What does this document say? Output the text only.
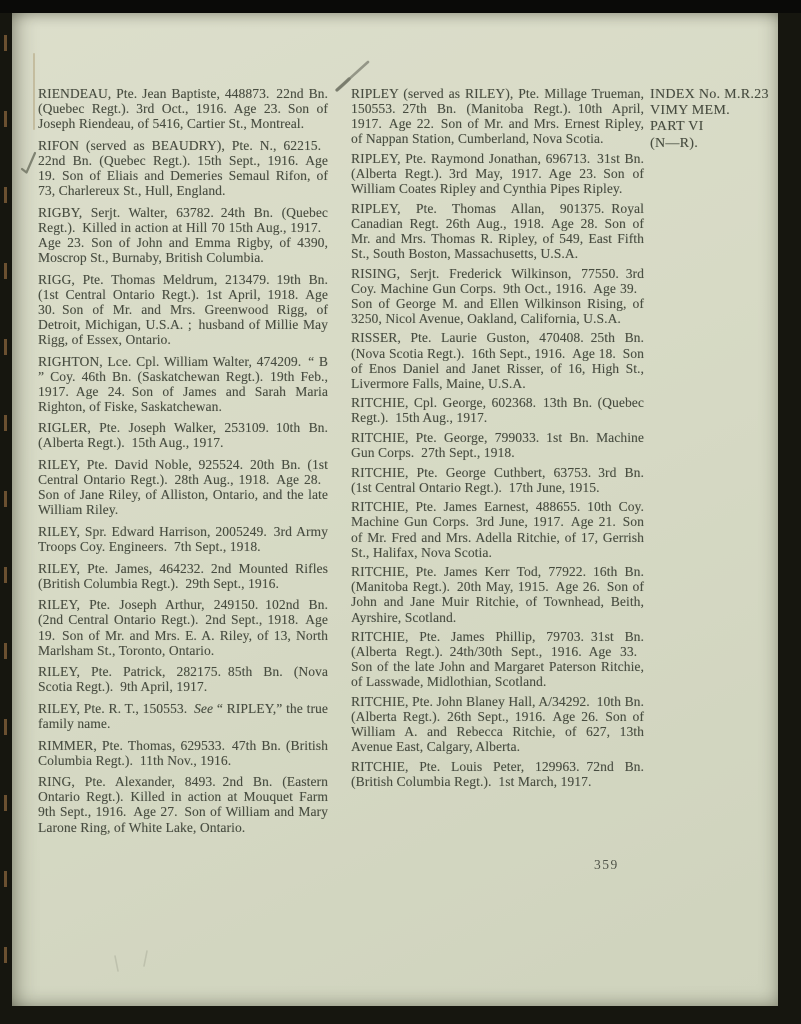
RIENDEAU, Pte. Jean Baptiste, 448873. 22nd Bn. (Quebec Regt.). 3rd Oct., 1916. Age 23. Son of Joseph Riendeau, of 5416, Cartier St., Montreal.

RIFON (served as BEAUDRY), Pte. N., 62215. 22nd Bn. (Quebec Regt.). 15th Sept., 1916. Age 19. Son of Eliais and Demeries Semaul Rifon, of 73, Charlereux St., Hull, England.

RIGBY, Serjt. Walter, 63782. 24th Bn. (Quebec Regt.). Killed in action at Hill 70 15th Aug., 1917. Age 23. Son of John and Emma Rigby, of 4390, Moscrop St., Burnaby, British Columbia.

RIGG, Pte. Thomas Meldrum, 213479. 19th Bn. (1st Central Ontario Regt.). 1st April, 1918. Age 30. Son of Mr. and Mrs. Greenwood Rigg, of Detroit, Michigan, U.S.A. ; husband of Millie May Rigg, of Essex, Ontario.

RIGHTON, Lce. Cpl. William Walter, 474209. “ B ” Coy. 46th Bn. (Saskatchewan Regt.). 19th Feb., 1917. Age 24. Son of James and Sarah Maria Righton, of Fiske, Saskatchewan.

RIGLER, Pte. Joseph Walker, 253109. 10th Bn. (Alberta Regt.). 15th Aug., 1917.

RILEY, Pte. David Noble, 925524. 20th Bn. (1st Central Ontario Regt.). 28th Aug., 1918. Age 28. Son of Jane Riley, of Alliston, Ontario, and the late William Riley.

RILEY, Spr. Edward Harrison, 2005249. 3rd Army Troops Coy. Engineers. 7th Sept., 1918.

RILEY, Pte. James, 464232. 2nd Mounted Rifles (British Columbia Regt.). 29th Sept., 1916.

RILEY, Pte. Joseph Arthur, 249150. 102nd Bn. (2nd Central Ontario Regt.). 2nd Sept., 1918. Age 19. Son of Mr. and Mrs. E. A. Riley, of 13, North Marlsham St., Toronto, Ontario.

RILEY, Pte. Patrick, 282175. 85th Bn. (Nova Scotia Regt.). 9th April, 1917.

RILEY, Pte. R. T., 150553. See “ RIPLEY,” the true family name.

RIMMER, Pte. Thomas, 629533. 47th Bn. (British Columbia Regt.). 11th Nov., 1916.

RING, Pte. Alexander, 8493. 2nd Bn. (Eastern Ontario Regt.). Killed in action at Mouquet Farm 9th Sept., 1916. Age 27. Son of William and Mary Larone Ring, of White Lake, Ontario.

RIPLEY (served as RILEY), Pte. Millage Trueman, 150553. 27th Bn. (Manitoba Regt.). 10th April, 1917. Age 22. Son of Mr. and Mrs. Ernest Ripley, of Nappan Station, Cumberland, Nova Scotia.

RIPLEY, Pte. Raymond Jonathan, 696713. 31st Bn. (Alberta Regt.). 3rd May, 1917. Age 23. Son of William Coates Ripley and Cynthia Pipes Ripley.

RIPLEY, Pte. Thomas Allan, 901375. Royal Canadian Regt. 26th Aug., 1918. Age 28. Son of Mr. and Mrs. Thomas R. Ripley, of 549, East Fifth St., South Boston, Massachusetts, U.S.A.

RISING, Serjt. Frederick Wilkinson, 77550. 3rd Coy. Machine Gun Corps. 9th Oct., 1916. Age 39. Son of George M. and Ellen Wilkinson Rising, of 3250, Nicol Avenue, Oakland, California, U.S.A.

RISSER, Pte. Laurie Guston, 470408. 25th Bn. (Nova Scotia Regt.). 16th Sept., 1916. Age 18. Son of Enos Daniel and Janet Risser, of 16, High St., Livermore Falls, Maine, U.S.A.

RITCHIE, Cpl. George, 602368. 13th Bn. (Quebec Regt.). 15th Aug., 1917.

RITCHIE, Pte. George, 799033. 1st Bn. Machine Gun Corps. 27th Sept., 1918.

RITCHIE, Pte. George Cuthbert, 63753. 3rd Bn. (1st Central Ontario Regt.). 17th June, 1915.

RITCHIE, Pte. James Earnest, 488655. 10th Coy. Machine Gun Corps. 3rd June, 1917. Age 21. Son of Mr. Fred and Mrs. Adella Ritchie, of 17, Gerrish St., Halifax, Nova Scotia.

RITCHIE, Pte. James Kerr Tod, 77922. 16th Bn. (Manitoba Regt.). 20th May, 1915. Age 26. Son of John and Jane Muir Ritchie, of Townhead, Beith, Ayrshire, Scotland.

RITCHIE, Pte. James Phillip, 79703. 31st Bn. (Alberta Regt.). 24th/30th Sept., 1916. Age 33. Son of the late John and Margaret Paterson Ritchie, of Lasswade, Midlothian, Scotland.

RITCHIE, Pte. John Blaney Hall, A/34292. 10th Bn. (Alberta Regt.). 26th Sept., 1916. Age 26. Son of William A. and Rebecca Ritchie, of 627, 13th Avenue East, Calgary, Alberta.

RITCHIE, Pte. Louis Peter, 129963. 72nd Bn. (British Columbia Regt.). 1st March, 1917.

INDEX No. M.R.23
VIMY MEM.
PART VI
(N—R).
359
